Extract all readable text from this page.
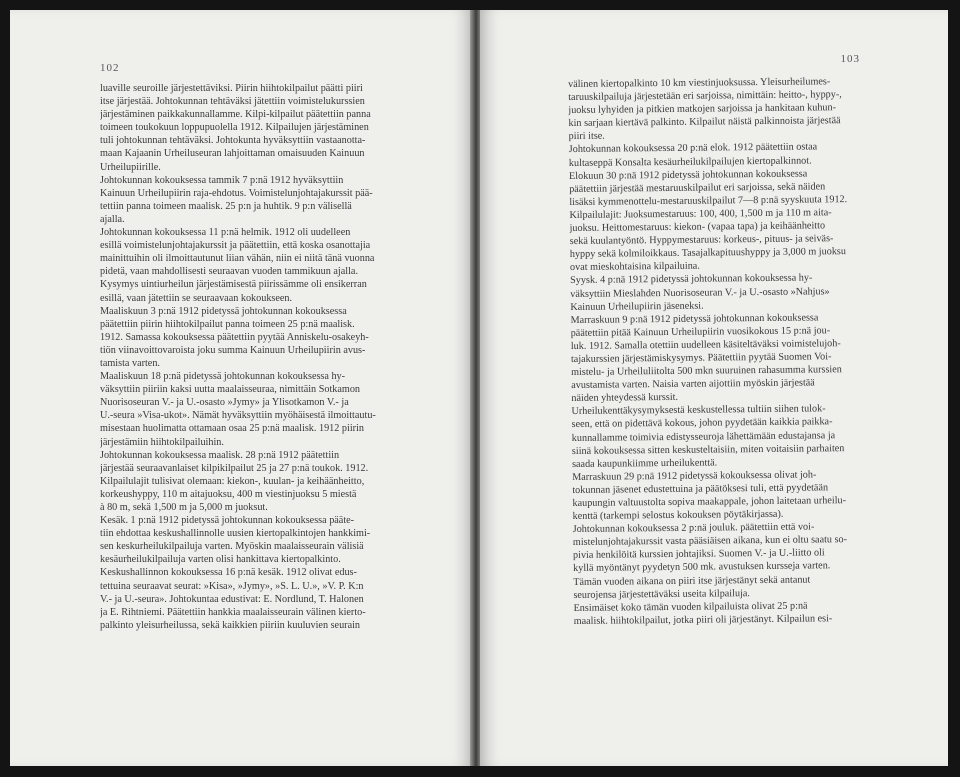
102
luaville seuroille järjestettäviksi. Piirin hiihtokilpailut päätti piiri
itse järjestää. Johtokunnan tehtäväksi jätettiin voimistelukurssien
järjestäminen paikkakunnallamme. Kilpi-kilpailut päätettiin panna
toimeen toukokuun loppupuolella 1912. Kilpailujen järjestäminen
tuli johtokunnan tehtäväksi. Johtokunta hyväksyttiin vastaanotta-
maan Kajaanin Urheiluseuran lahjoittaman omaisuuden Kainuun
Urheilupiirille.
Johtokunnan kokouksessa tammik 7 p:nä 1912 hyväksyttiin
Kainuun Urheilupiirin raja-ehdotus. Voimistelunjohtajakurssit pää-
tettiin panna toimeen maalisk. 25 p:n ja huhtik. 9 p:n välisellä
ajalla.
Johtokunnan kokouksessa 11 p:nä helmik. 1912 oli uudelleen
esillä voimistelunjohtajakurssit ja päätettiin, että koska osanottajia
mainittuihin oli ilmoittautunut liian vähän, niin ei niitä tänä vuonna
pidetä, vaan mahdollisesti seuraavan vuoden tammikuun ajalla.
Kysymys uintiurheilun järjestämisestä piirissämme oli ensikerran
esillä, vaan jätettiin se seuraavaan kokoukseen.
Maaliskuun 3 p:nä 1912 pidetyssä johtokunnan kokouksessa
päätettiin piirin hiihtokilpailut panna toimeen 25 p:nä maalisk.
1912. Samassa kokouksessa päätettiin pyytää Anniskelu-osakeyh-
tiön viinavoittovaroista joku summa Kainuun Urheilupiirin avus-
tamista varten.
Maaliskuun 18 p:nä pidetyssä johtokunnan kokouksessa hy-
väksyttiin piiriin kaksi uutta maalaisseuraa, nimittäin Sotkamon
Nuorisoseuran V.- ja U.-osasto »Jymy» ja Ylisotkamon V.- ja
U.-seura »Visa-ukot». Nämät hyväksyttiin myöhäisestä ilmoittautu-
misestaan huolimatta ottamaan osaa 25 p:nä maalisk. 1912 piirin
järjestämiin hiihtokilpailuihin.
Johtokunnan kokouksessa maalisk. 28 p:nä 1912 päätettiin
järjestää seuraavanlaiset kilpikilpailut 25 ja 27 p:nä toukok. 1912.
Kilpailulajit tulisivat olemaan: kiekon-, kuulan- ja keihäänheitto,
korkeushyppy, 110 m aitajuoksu, 400 m viestinjuoksu 5 miestä
à 80 m, sekä 1,500 m ja 5,000 m juoksut.
Kesäk. 1 p:nä 1912 pidetyssä johtokunnan kokouksessa pääte-
tiin ehdottaa keskushallinnolle uusien kiertopalkintojen hankkimi-
sen keskurheilukilpailuja varten. Myöskin maalaisseurain välisiä
kesäurheilukilpailuja varten olisi hankittava kiertopalkinto.
Keskushallinnon kokouksessa 16 p:nä kesäk. 1912 olivat edus-
tettuina seuraavat seurat: »Kisa», »Jymy», »S. L. U.», »V. P. K:n
V.- ja U.-seura». Johtokuntaa edustivat: E. Nordlund, T. Halonen
ja E. Rihtniemi. Päätettiin hankkia maalaisseurain välinen kierto-
palkinto yleisurheilussa, sekä kaikkien piiriin kuuluvien seurain
103
välinen kiertopalkinto 10 km viestinjuoksussa. Yleisurheilumes-
taruuskilpailuja järjestetään eri sarjoissa, nimittäin: heitto-, hyppy-,
juoksu lyhyiden ja pitkien matkojen sarjoissa ja hankitaan kuhun-
kin sarjaan kiertävä palkinto. Kilpailut näistä palkinnoista järjestää
piiri itse.
Johtokunnan kokouksessa 20 p:nä elok. 1912 päätettiin ostaa
kultaseppä Konsalta kesäurheilukilpailujen kiertopalkinnot.
Elokuun 30 p:nä 1912 pidetyssä johtokunnan kokouksessa
päätettiin järjestää mestaruuskilpailut eri sarjoissa, sekä näiden
lisäksi kymmenottelu-mestaruuskilpailut 7—8 p:nä syyskuuta 1912.
Kilpailulajit: Juoksumestaruus: 100, 400, 1,500 m ja 110 m aita-
juoksu. Heittomestaruus: kiekon- (vapaa tapa) ja keihäänheitto
sekä kuulantyöntö. Hyppymestaruus: korkeus-, pituus- ja seiväs-
hyppy sekä kolmiloikkaus. Tasajalkapituushyppy ja 3,000 m juoksu
ovat mieskohtaisina kilpailuina.
Syysk. 4 p:nä 1912 pidetyssä johtokunnan kokouksessa hy-
väksyttiin Mieslahden Nuorisoseuran V.- ja U.-osasto »Nahjus»
Kainuun Urheilupiirin jäseneksi.
Marraskuun 9 p:nä 1912 pidetyssä johtokunnan kokouksessa
päätettiin pitää Kainuun Urheilupiirin vuosikokous 15 p:nä jou-
luk. 1912. Samalla otettiin uudelleen käsiteltäväksi voimistelujoh-
tajakurssien järjestämiskysymys. Päätettiin pyytää Suomen Voi-
mistelu- ja Urheiluliitolta 500 mkn suuruinen rahasumma kurssien
avustamista varten. Naisia varten aijottiin myöskin järjestää
näiden yhteydessä kurssit.
Urheilukenttäkysymyksestä keskustellessa tultiin siihen tulok-
seen, että on pidettävä kokous, johon pyydetään kaikkia paikka-
kunnallamme toimivia edistysseuroja lähettämään edustajansa ja
siinä kokouksessa sitten keskusteltaisiin, miten voitaisiin parhaiten
saada kaupunkiimme urheilukenttä.
Marraskuun 29 p:nä 1912 pidetyssä kokouksessa olivat joh-
tokunnan jäsenet edustettuina ja päätöksesi tuli, että pyydetään
kaupungin valtuustolta sopiva maakappale, johon laitetaan urheilu-
kenttä (tarkempi selostus kokouksen pöytäkirjassa).
Johtokunnan kokouksessa 2 p:nä jouluk. päätettiin että voi-
mistelunjohtajakurssit vasta pääsiäisen aikana, kun ei oltu saatu so-
pivia henkilöitä kurssien johtajiksi. Suomen V.- ja U.-liitto oli
kyllä myöntänyt pyydetyn 500 mk. avustuksen kursseja varten.
Tämän vuoden aikana on piiri itse järjestänyt sekä antanut
seurojensa järjestettäväksi useita kilpailuja.
Ensimäiset koko tämän vuoden kilpailuista olivat 25 p:nä
maalisk. hiihtokilpailut, jotka piiri oli järjestänyt. Kilpailun esi-
